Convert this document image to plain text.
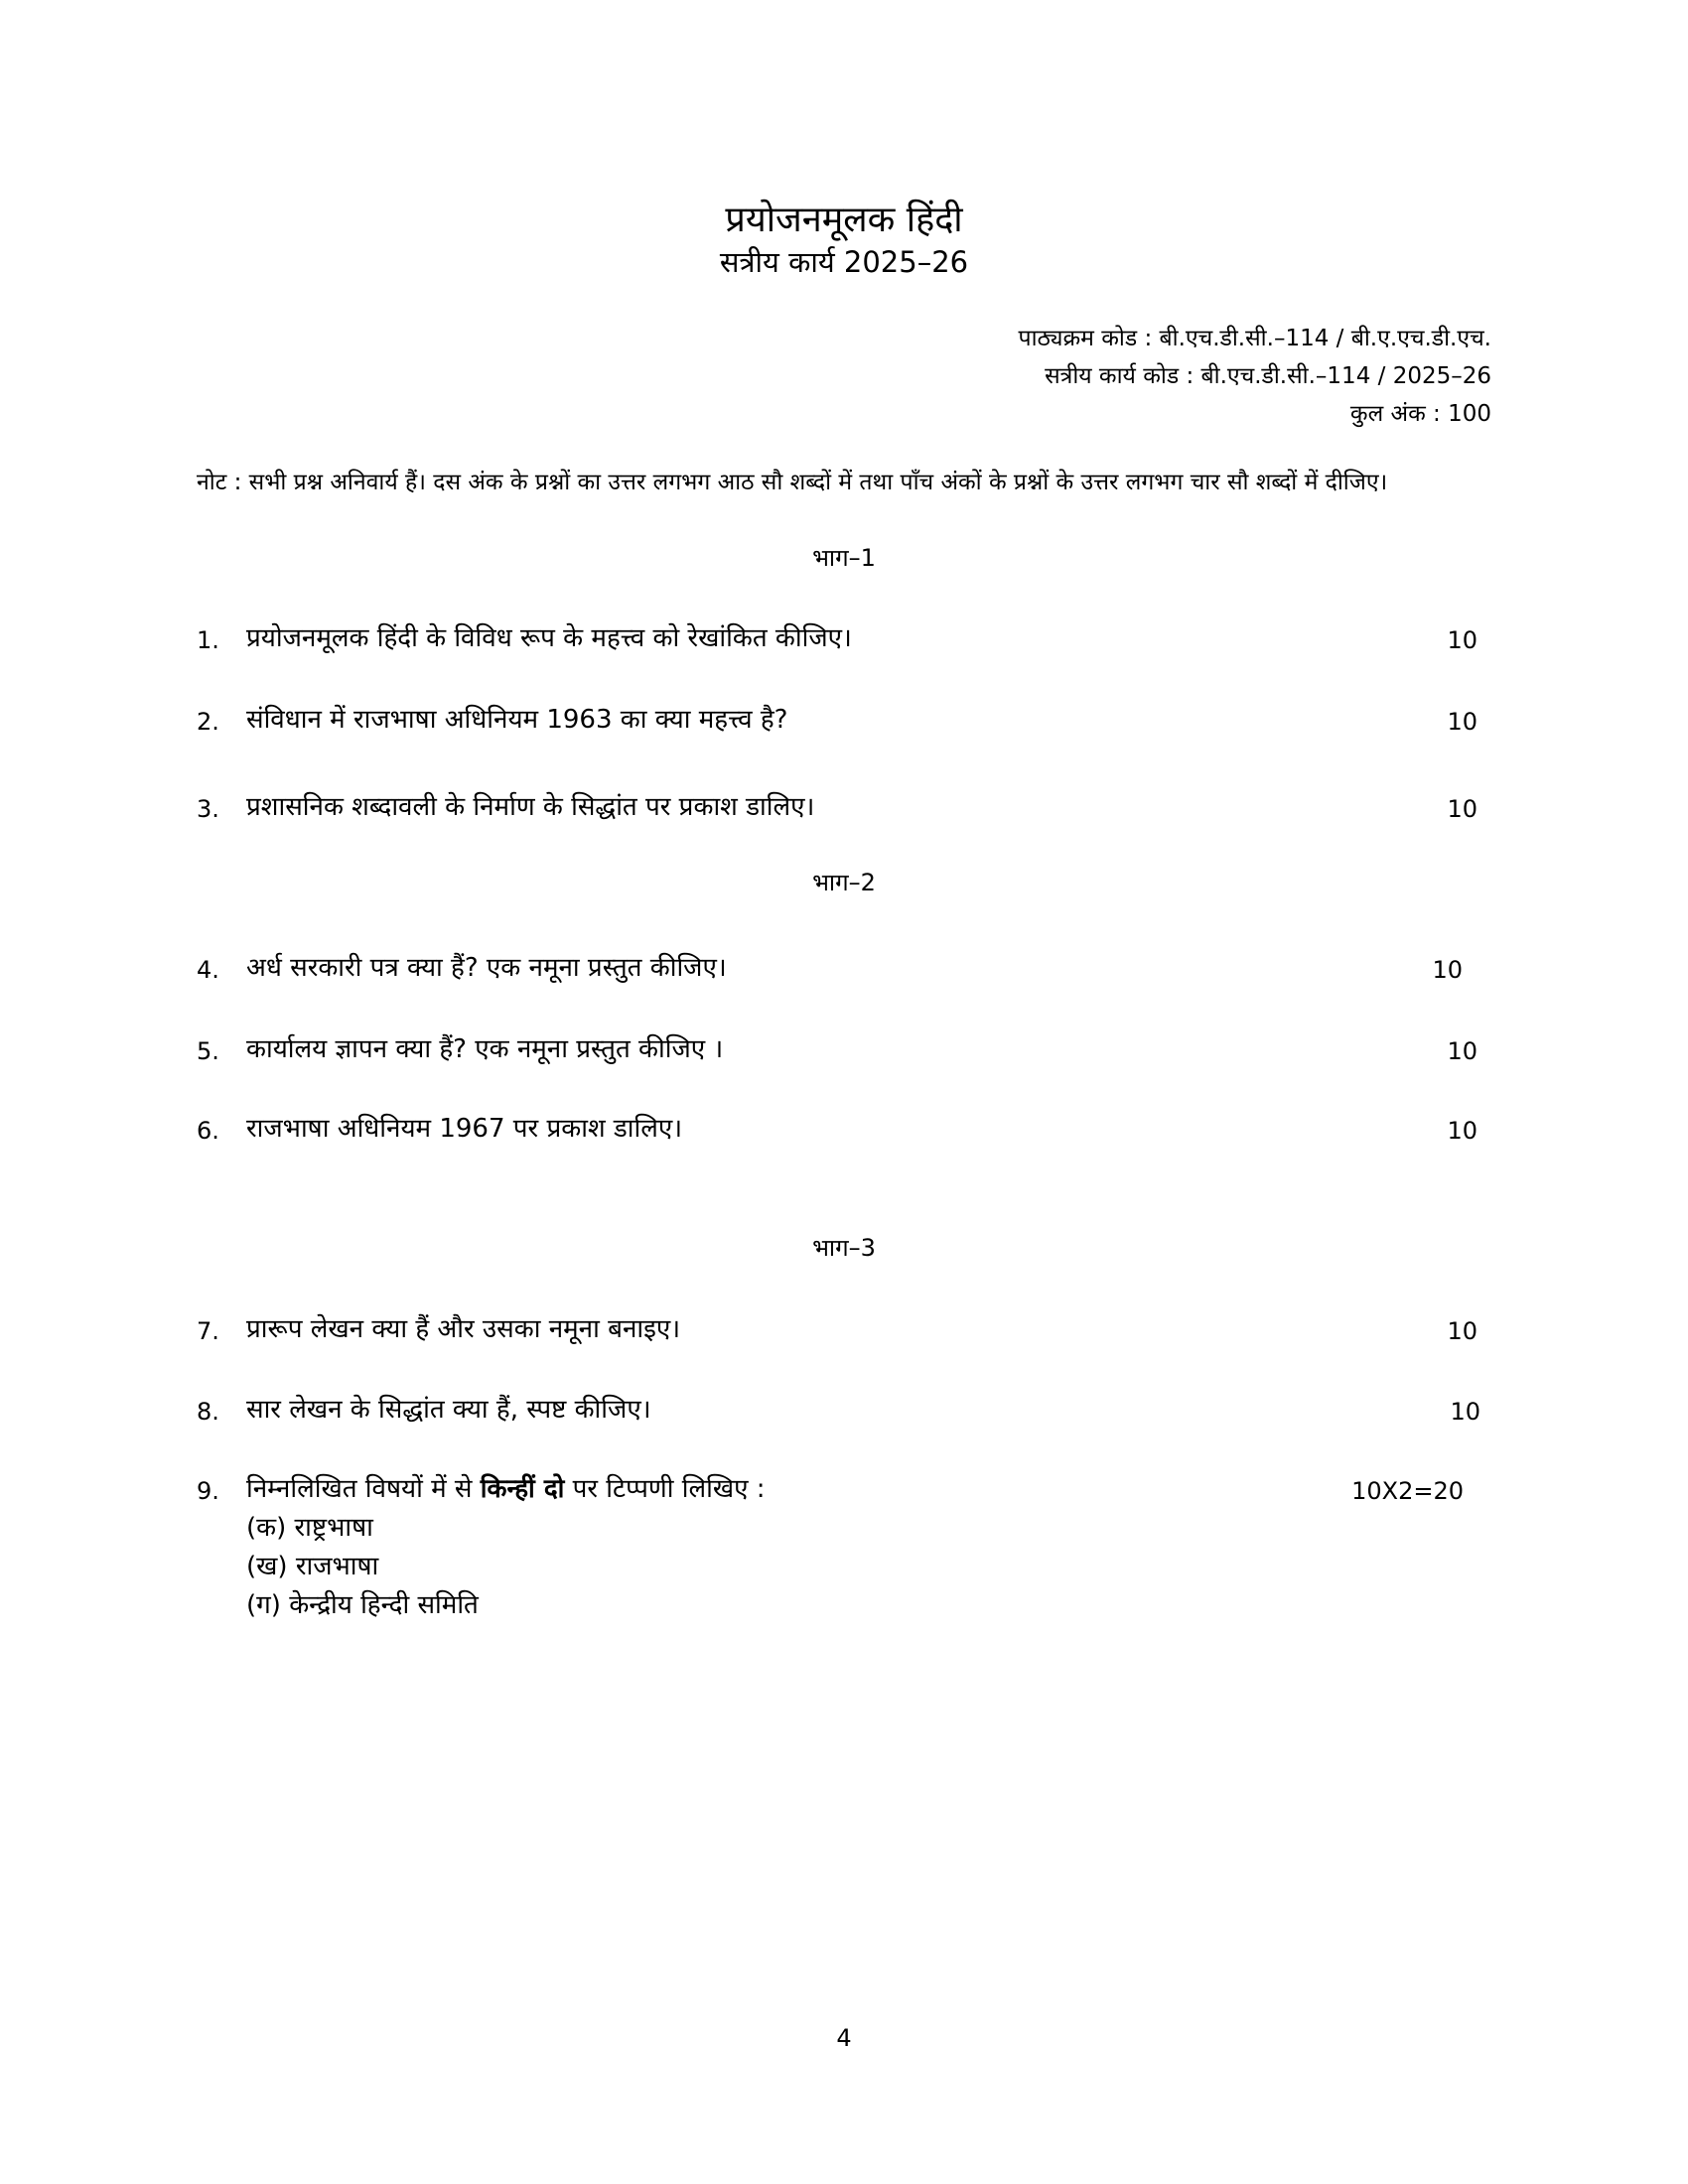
प्रयोजनमूलक हिंदी
सत्रीय कार्य 2025–26
पाठ्यक्रम कोड : बी.एच.डी.सी.–114 / बी.ए.एच.डी.एच.
सत्रीय कार्य कोड : बी.एच.डी.सी.–114 / 2025–26
कुल अंक : 100
नोट : सभी प्रश्न अनिवार्य हैं। दस अंक के प्रश्नों का उत्तर लगभग आठ सौ शब्दों में तथा पाँच अंकों के प्रश्नों के उत्तर लगभग चार सौ शब्दों में दीजिए।
भाग–1
1. प्रयोजनमूलक हिंदी के विविध रूप के महत्त्व को रेखांकित कीजिए।	10
2. संविधान में राजभाषा अधिनियम 1963 का क्या महत्त्व है?	10
3. प्रशासनिक शब्दावली के निर्माण के सिद्धांत पर प्रकाश डालिए।	10
भाग–2
4. अर्ध सरकारी पत्र क्या हैं? एक नमूना प्रस्तुत कीजिए।	10
5. कार्यालय ज्ञापन क्या हैं? एक नमूना प्रस्तुत कीजिए ।	10
6. राजभाषा अधिनियम 1967 पर प्रकाश डालिए।	10
भाग–3
7. प्रारूप लेखन क्या हैं और उसका नमूना बनाइए।	10
8. सार लेखन के सिद्धांत क्या हैं, स्पष्ट कीजिए।	10
9. निम्नलिखित विषयों में से किन्हीं दो पर टिप्पणी लिखिए :	10X2=20
(क) राष्ट्रभाषा
(ख) राजभाषा
(ग) केन्द्रीय हिन्दी समिति
4
